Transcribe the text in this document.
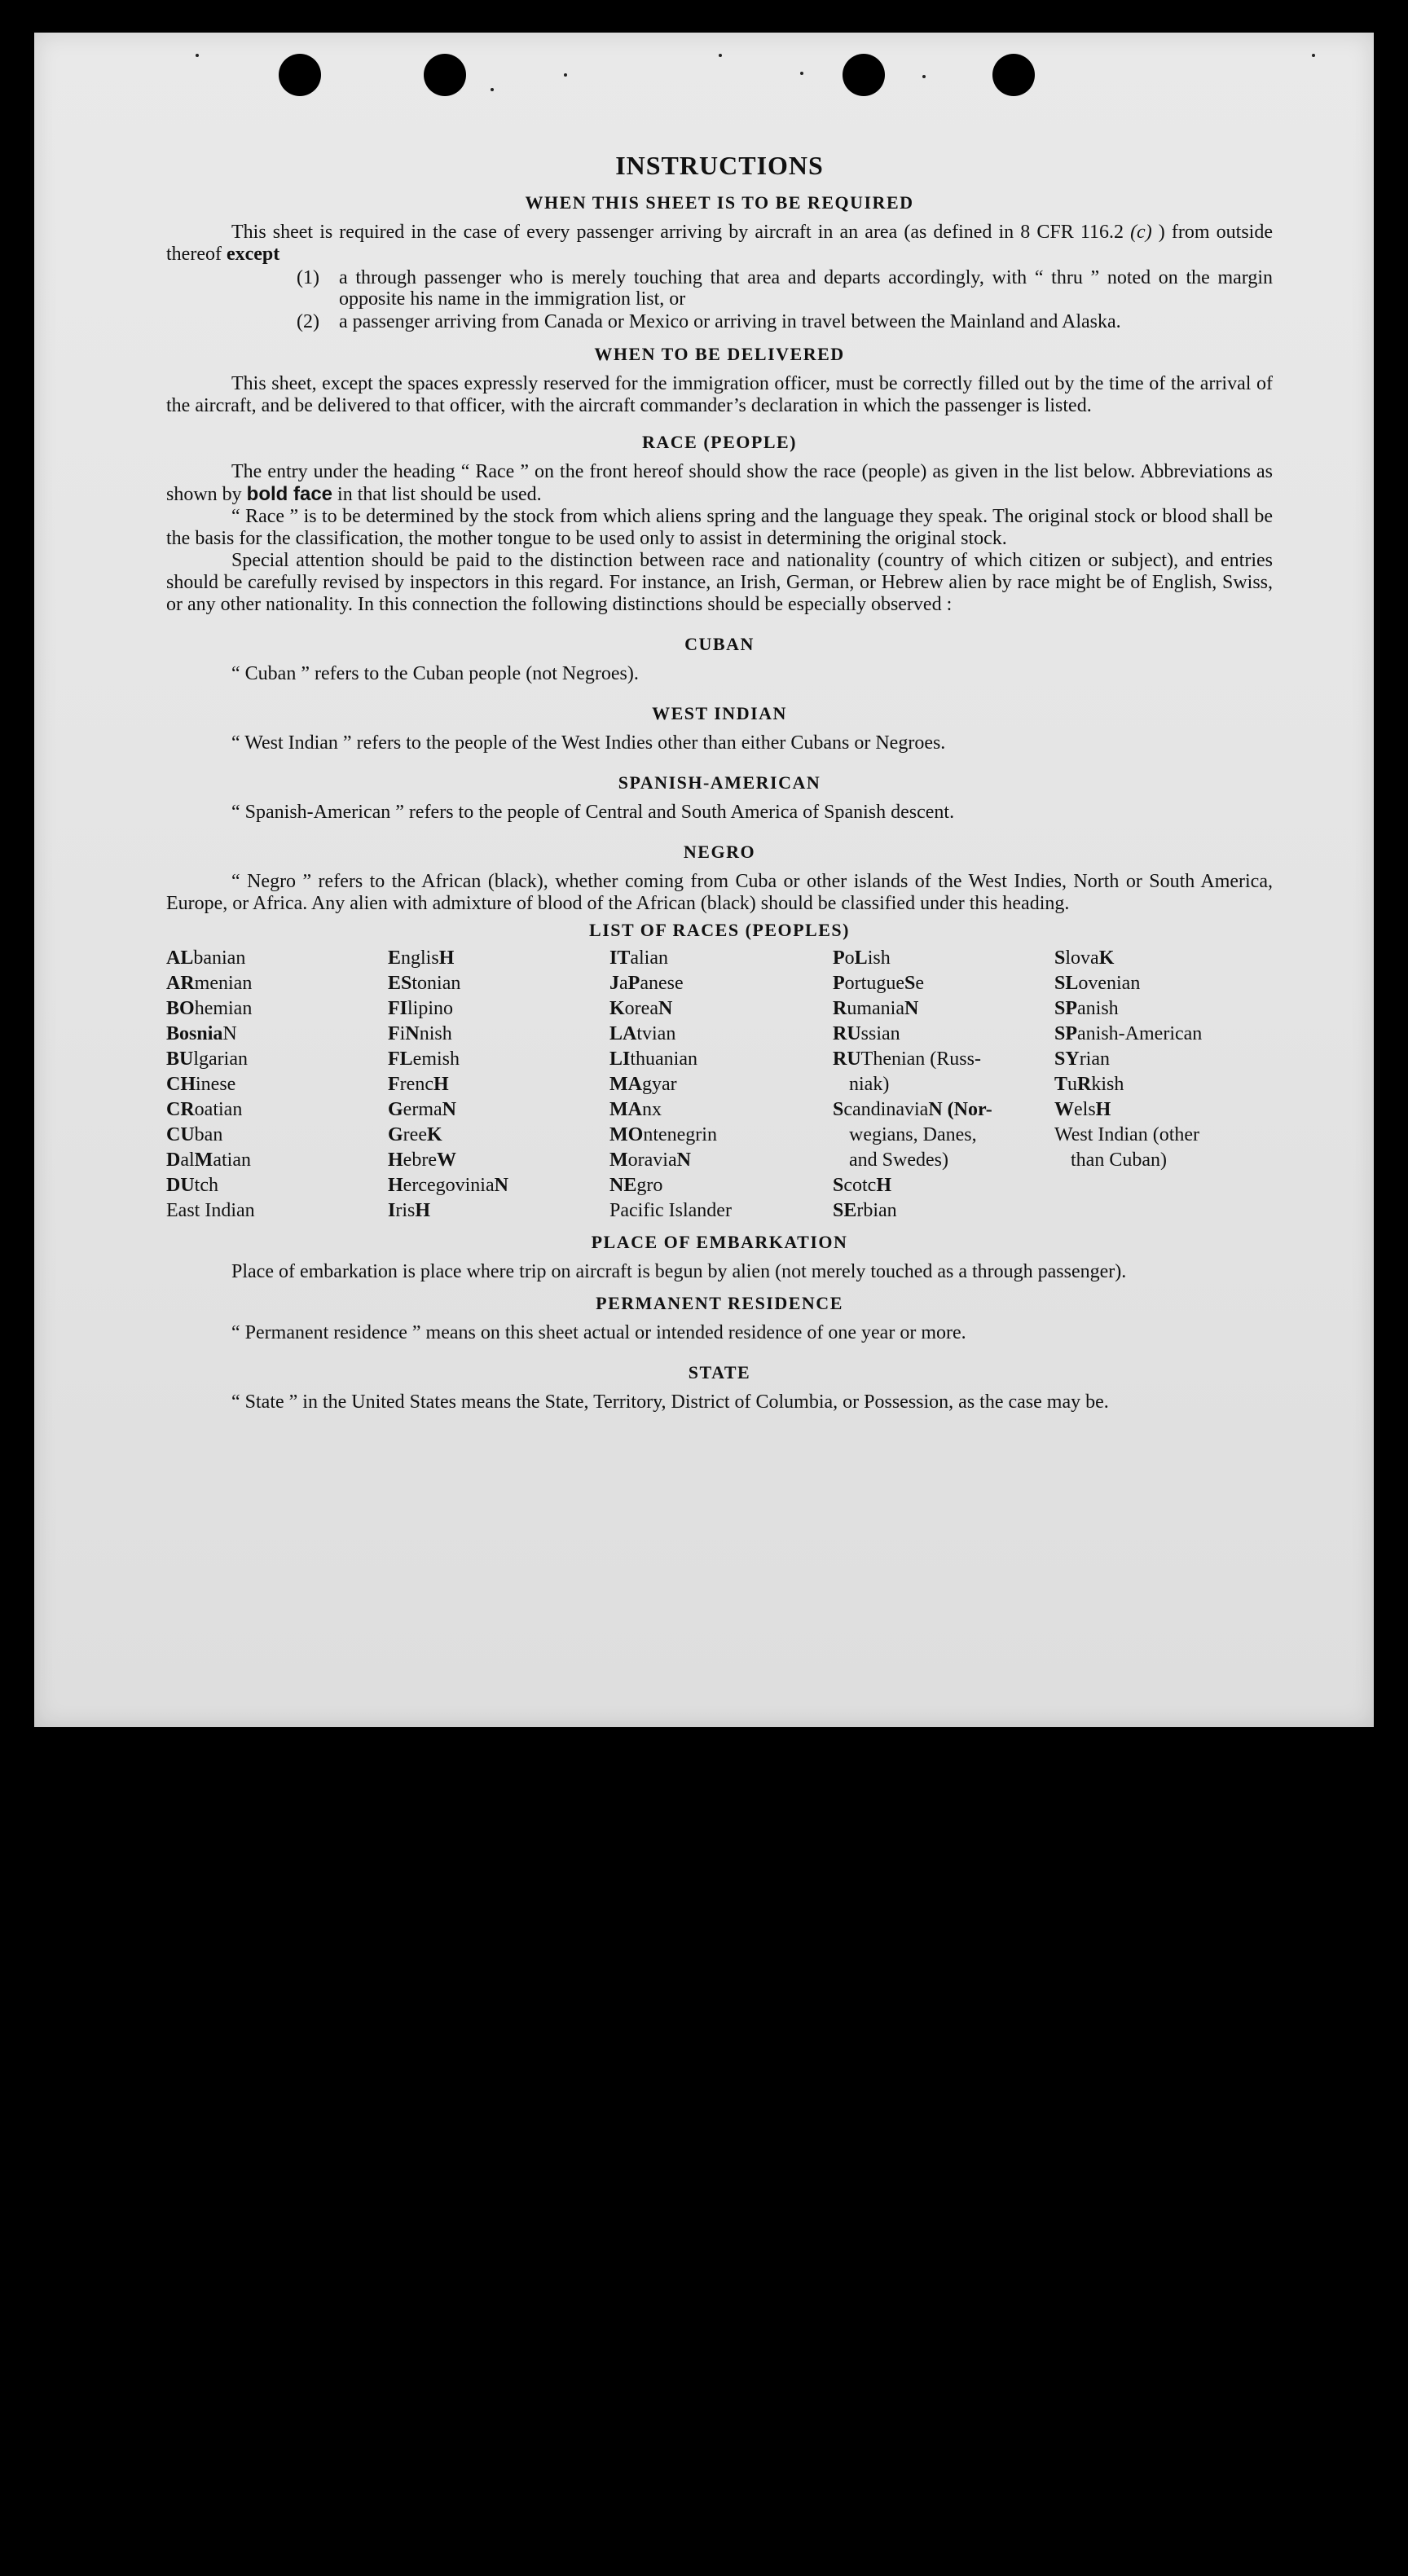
INSTRUCTIONS
WHEN THIS SHEET IS TO BE REQUIRED

This sheet is required in the case of every passenger arriving by aircraft in an area (as defined in 8 CFR 116.2 (c) ) from outside thereof except

(1)	a through passenger who is merely touching that area and departs accordingly, with “ thru ” noted on the margin opposite his name in the immigration list, or
(2)	a passenger arriving from Canada or Mexico or arriving in travel between the Mainland and Alaska.
WHEN TO BE DELIVERED

This sheet, except the spaces expressly reserved for the immigration officer, must be correctly filled out by the time of the arrival of the aircraft, and be delivered to that officer, with the aircraft commander’s declaration in which the passenger is listed.

RACE (PEOPLE)

The entry under the heading “ Race ” on the front hereof should show the race (people) as given in the list below. Abbreviations as shown by bold face in that list should be used.

“ Race ” is to be determined by the stock from which aliens spring and the language they speak. The original stock or blood shall be the basis for the classification, the mother tongue to be used only to assist in determining the original stock.

Special attention should be paid to the distinction between race and nationality (country of which citizen or subject), and entries should be carefully revised by inspectors in this regard. For instance, an Irish, German, or Hebrew alien by race might be of English, Swiss, or any other nationality. In this connection the following distinctions should be especially observed :

CUBAN

“ Cuban ” refers to the Cuban people (not Negroes).

WEST INDIAN

“ West Indian ” refers to the people of the West Indies other than either Cubans or Negroes.

SPANISH-AMERICAN

“ Spanish-American ” refers to the people of Central and South America of Spanish descent.

NEGRO

“ Negro ” refers to the African (black), whether coming from Cuba or other islands of the West Indies, North or South America, Europe, or Africa. Any alien with admixture of blood of the African (black) should be classified under this heading.

LIST OF RACES (PEOPLES)
ALbanian
ARmenian
BOhemian
BosniaN
BUlgarian
CHinese
CRoatian
CUban
DalMatian
DUtch
East Indian
EnglisH
EStonian
FIlipino
FiNnish
FLemish
FrencH
GermaN
GreeK
HebreW
HercegoviniaN
IrisH
ITalian
JaPanese
KoreaN
LAtvian
LIthuanian
MAgyar
MAnx
MOntenegrin
MoraviaN
NEgro
Pacific Islander
PoLish
PortugueSe
RumaniaN
RUssian
RUThenian (Russ-
niak)
ScandinaviaN (Nor-
wegians, Danes,
and Swedes)
ScotcH
SErbian
SlovaK
SLovenian
SPanish
SPanish-American
SYrian
TuRkish
WelsH
West Indian (other
than Cuban)
PLACE OF EMBARKATION

Place of embarkation is place where trip on aircraft is begun by alien (not merely touched as a through passenger).

PERMANENT RESIDENCE

“ Permanent residence ” means on this sheet actual or intended residence of one year or more.

STATE

“ State ” in the United States means the State, Territory, District of Columbia, or Possession, as the case may be.
